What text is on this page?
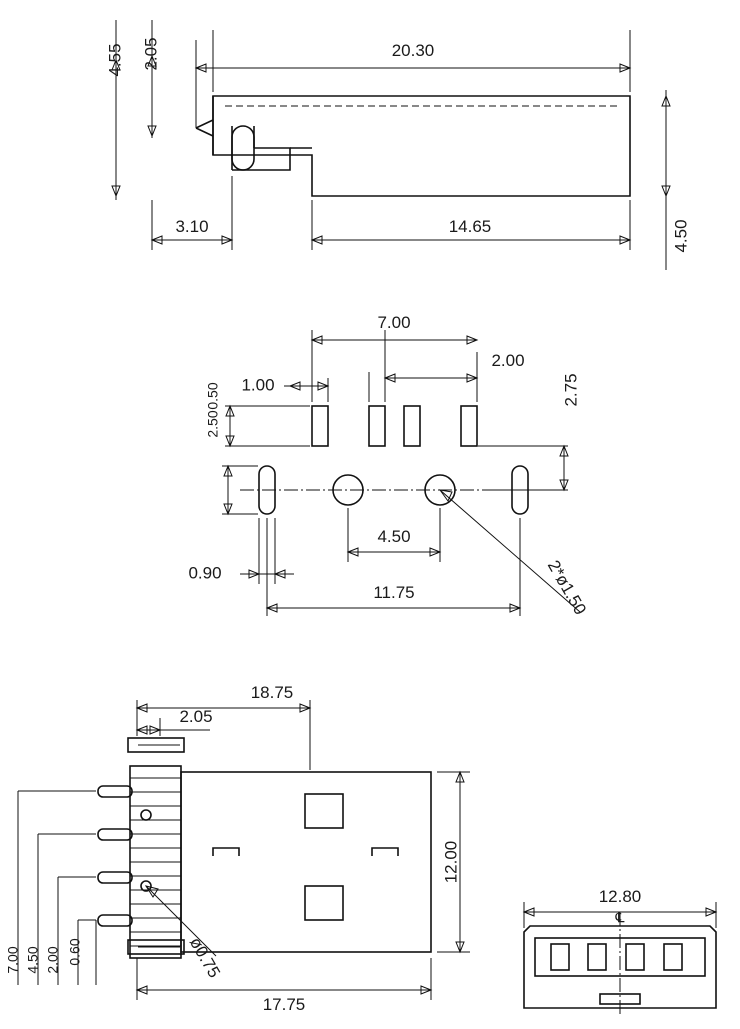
4.55 2.05	20.30
4.50
3.10	14.65
7.00
2.00
1.00	2.75
0.50
2.50
0.90
4.50
11.75	2*ø1.50
18.75
2.05
12.00
17.75
7.00 4.50 2.00 0.60	ø0.75
12.80
℄
